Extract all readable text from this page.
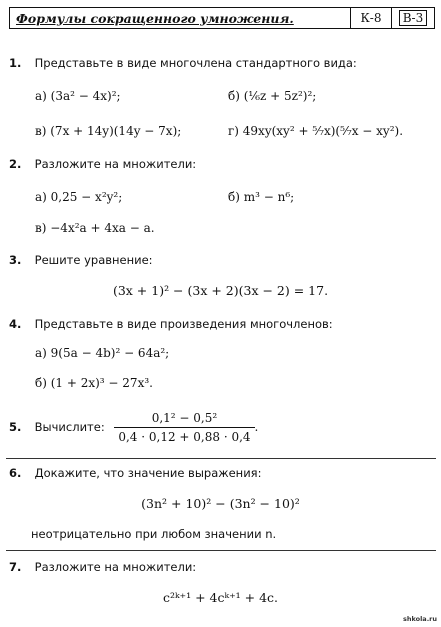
Формулы сокращенного умножения.	К-8	В-3
1. Представьте в виде многочлена стандартного вида:
а) (3a² − 4x)²;	б) (⅙z + 5z²)²;
в) (7x + 14y)(14y − 7x);	г) 49xy(xy² + ⁵⁄₇x)(⁵⁄₇x − xy²).
2. Разложите на множители:
а) 0,25 − x²y²;	б) m³ − n⁶;
в) −4x²a + 4xa − a.
3. Решите уравнение:
(3x + 1)² − (3x + 2)(3x − 2) = 17.
4. Представьте в виде произведения многочленов:
а) 9(5a − 4b)² − 64a²;
б) (1 + 2x)³ − 27x³.
5. Вычислите: $\frac{\text{0,1² − 0,5²}}{0,4 \cdot 0,12 + 0,88 \cdot 0,4}$ .
6. Докажите, что значение выражения:
(3n² + 10)² − (3n² − 10)²
неотрицательно при любом значении n.
7. Разложите на множители:
c²ᵏ⁺¹ + 4cᵏ⁺¹ + 4c.
shkola.ru
